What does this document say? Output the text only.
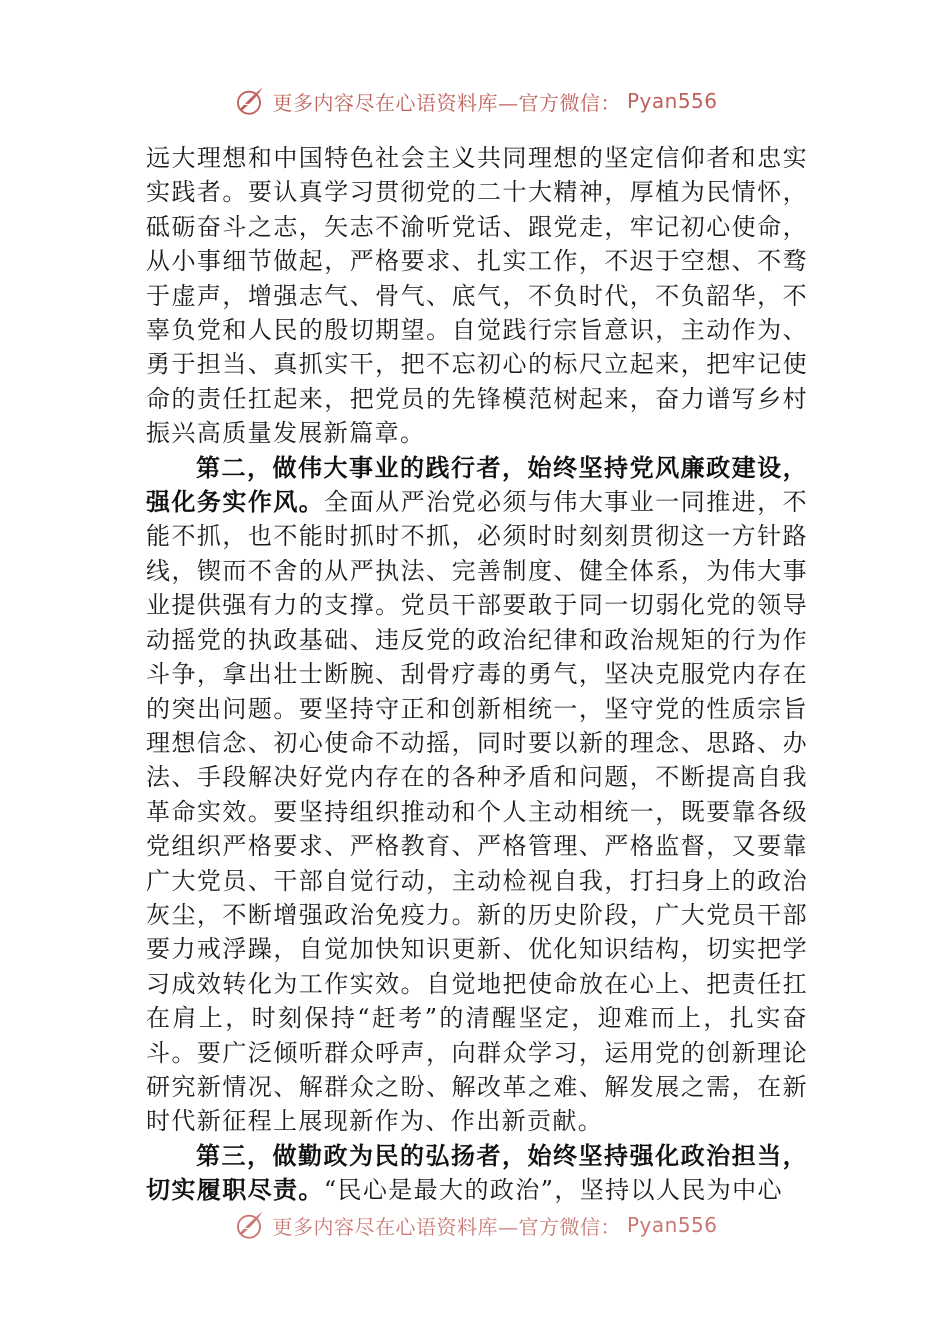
更多内容尽在心语资料库—官方微信： Pyan556

远大理想和中国特色社会主义共同理想的坚定信仰者和忠实实践者。要认真学习贯彻党的二十大精神，厚植为民情怀，砥砺奋斗之志，矢志不渝听党话、跟党走，牢记初心使命，从小事细节做起，严格要求、扎实工作，不迟于空想、不骛于虚声，增强志气、骨气、底气，不负时代，不负韶华，不辜负党和人民的殷切期望。自觉践行宗旨意识，主动作为、勇于担当、真抓实干，把不忘初心的标尺立起来，把牢记使命的责任扛起来，把党员的先锋模范树起来，奋力谱写乡村振兴高质量发展新篇章。

第二，做伟大事业的践行者，始终坚持党风廉政建设，强化务实作风。全面从严治党必须与伟大事业一同推进，不能不抓，也不能时抓时不抓，必须时时刻刻贯彻这一方针路线，锲而不舍的从严执法、完善制度、健全体系，为伟大事业提供强有力的支撑。党员干部要敢于同一切弱化党的领导动摇党的执政基础、违反党的政治纪律和政治规矩的行为作斗争，拿出壮士断腕、刮骨疗毒的勇气，坚决克服党内存在的突出问题。要坚持守正和创新相统一，坚守党的性质宗旨理想信念、初心使命不动摇，同时要以新的理念、思路、办法、手段解决好党内存在的各种矛盾和问题，不断提高自我革命实效。要坚持组织推动和个人主动相统一，既要靠各级党组织严格要求、严格教育、严格管理、严格监督，又要靠广大党员、干部自觉行动，主动检视自我，打扫身上的政治灰尘，不断增强政治免疫力。新的历史阶段，广大党员干部要力戒浮躁，自觉加快知识更新、优化知识结构，切实把学习成效转化为工作实效。自觉地把使命放在心上、把责任扛在肩上，时刻保持“赶考”的清醒坚定，迎难而上，扎实奋斗。要广泛倾听群众呼声，向群众学习，运用党的创新理论研究新情况、解群众之盼、解改革之难、解发展之需，在新时代新征程上展现新作为、作出新贡献。

第三，做勤政为民的弘扬者，始终坚持强化政治担当，切实履职尽责。“民心是最大的政治”，坚持以人民为中心

更多内容尽在心语资料库—官方微信： Pyan556
